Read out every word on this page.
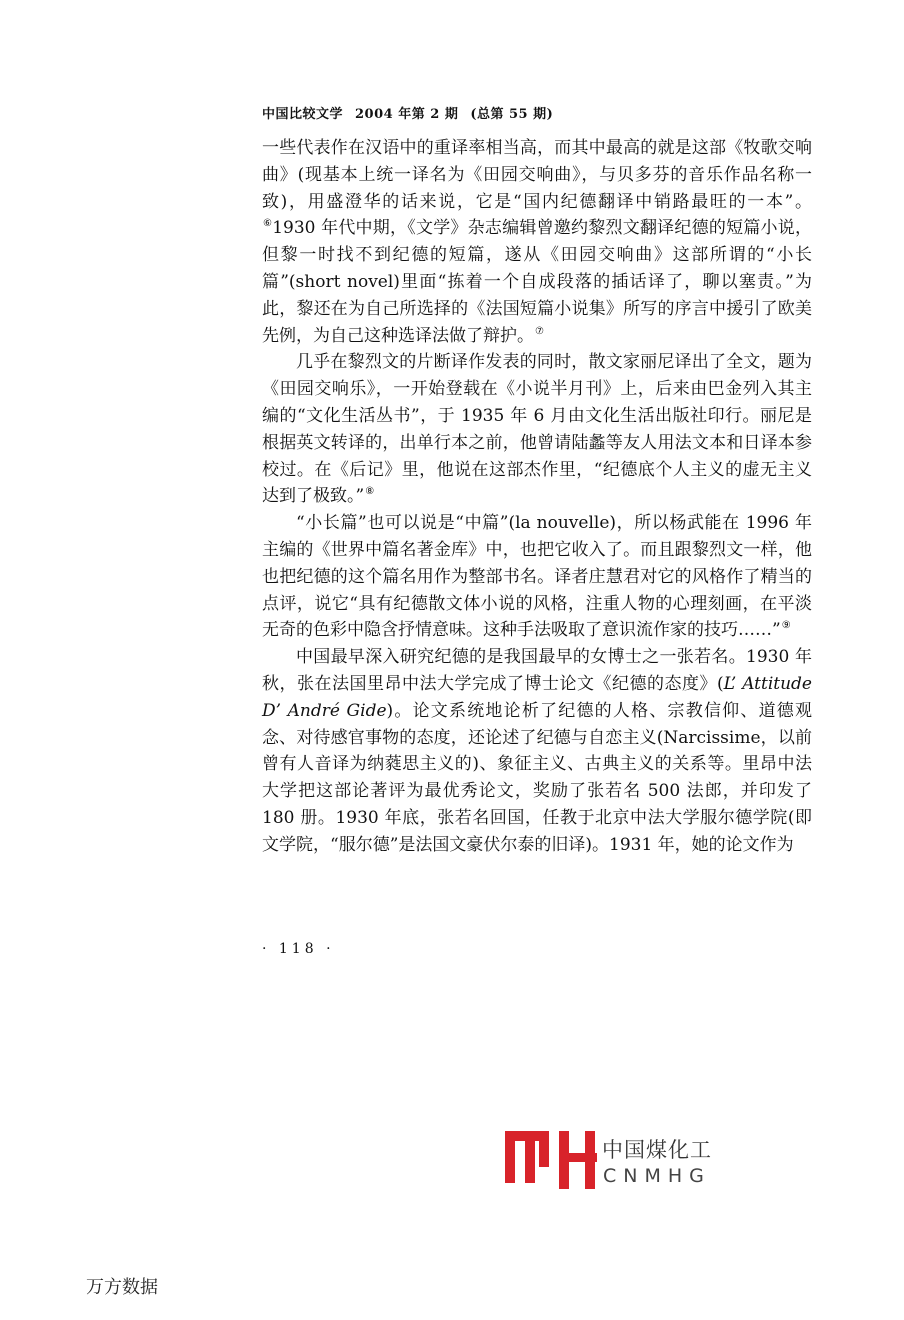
中国比较文学 2004 年第 2 期 (总第 55 期)

一些代表作在汉语中的重译率相当高，而其中最高的就是这部《牧歌交响曲》(现基本上统一译名为《田园交响曲》，与贝多芬的音乐作品名称一致)，用盛澄华的话来说，它是“国内纪德翻译中销路最旺的一本”。⑥1930 年代中期，《文学》杂志编辑曾邀约黎烈文翻译纪德的短篇小说，但黎一时找不到纪德的短篇，遂从《田园交响曲》这部所谓的“小长篇”(short novel)里面“拣着一个自成段落的插话译了，聊以塞责。”为此，黎还在为自己所选择的《法国短篇小说集》所写的序言中援引了欧美先例，为自己这种选译法做了辩护。⑦

几乎在黎烈文的片断译作发表的同时，散文家丽尼译出了全文，题为《田园交响乐》，一开始登载在《小说半月刊》上，后来由巴金列入其主编的“文化生活丛书”，于 1935 年 6 月由文化生活出版社印行。丽尼是根据英文转译的，出单行本之前，他曾请陆蠡等友人用法文本和日译本参校过。在《后记》里，他说在这部杰作里，“纪德底个人主义的虚无主义达到了极致。”⑧

“小长篇”也可以说是“中篇”(la nouvelle)，所以杨武能在 1996 年主编的《世界中篇名著金库》中，也把它收入了。而且跟黎烈文一样，他也把纪德的这个篇名用作为整部书名。译者庄慧君对它的风格作了精当的点评，说它“具有纪德散文体小说的风格，注重人物的心理刻画，在平淡无奇的色彩中隐含抒情意味。这种手法吸取了意识流作家的技巧……”⑨

中国最早深入研究纪德的是我国最早的女博士之一张若名。1930 年秋，张在法国里昂中法大学完成了博士论文《纪德的态度》(L’ Attitude D’ André Gide)。论文系统地论析了纪德的人格、宗教信仰、道德观念、对待感官事物的态度，还论述了纪德与自恋主义(Narcissime，以前曾有人音译为纳蕤思主义的)、象征主义、古典主义的关系等。里昂中法大学把这部论著评为最优秀论文，奖励了张若名 500 法郎，并印发了 180 册。1930 年底，张若名回国，任教于北京中法大学服尔德学院(即文学院，“服尔德”是法国文豪伏尔泰的旧译)。1931 年，她的论文作为

· 118 ·
中国煤化工
CNMHG
万方数据
